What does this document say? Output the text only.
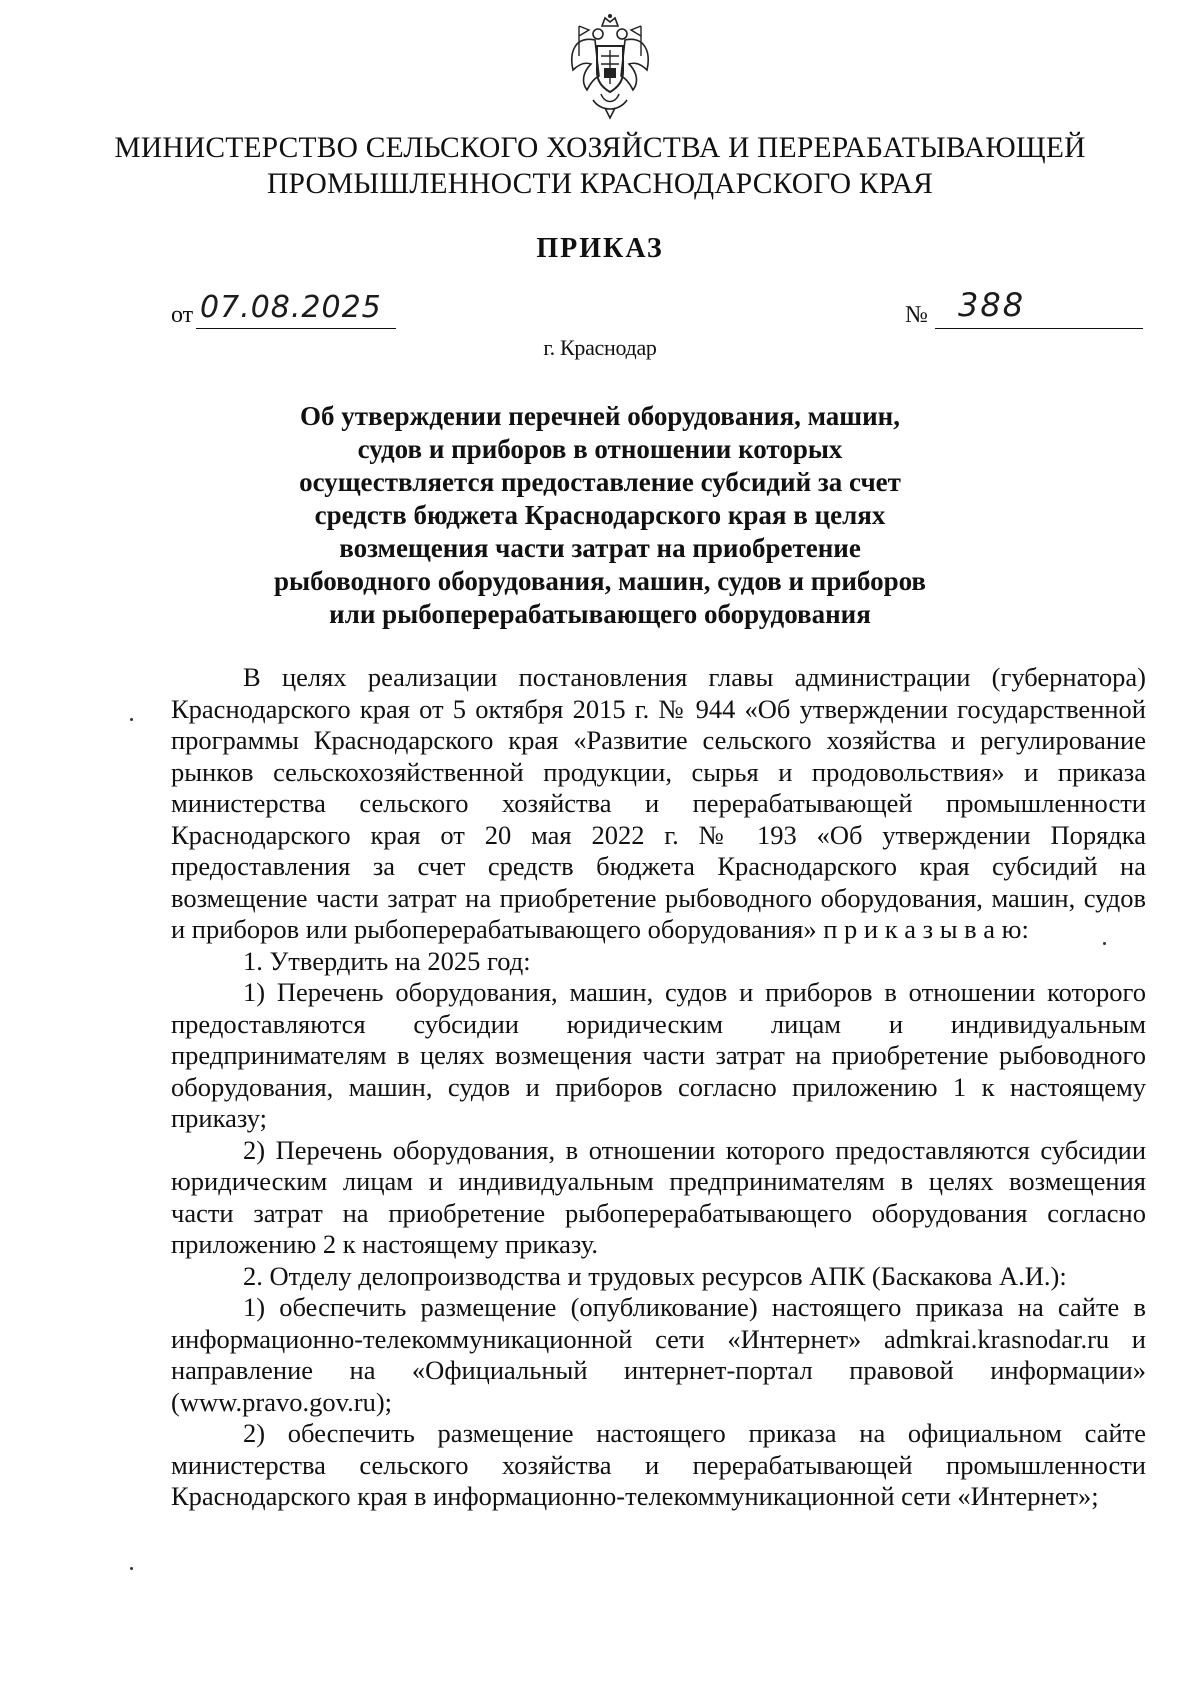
МИНИСТЕРСТВО СЕЛЬСКОГО ХОЗЯЙСТВА И ПЕРЕРАБАТЫВАЮЩЕЙ
ПРОМЫШЛЕННОСТИ КРАСНОДАРСКОГО КРАЯ
ПРИКАЗ
от 07.08.2025	№ 388
г. Краснодар
Об утверждении перечней оборудования, машин,
судов и приборов в отношении которых
осуществляется предоставление субсидий за счет
средств бюджета Краснодарского края в целях
возмещения части затрат на приобретение
рыбоводного оборудования, машин, судов и приборов
или рыбоперерабатывающего оборудования

В целях реализации постановления главы администрации (губернатора) Краснодарского края от 5 октября 2015 г. № 944 «Об утверждении государственной программы Краснодарского края «Развитие сельского хозяйства и регулирование рынков сельскохозяйственной продукции, сырья и продовольствия» и приказа министерства сельского хозяйства и перерабатывающей промышленности Краснодарского края от 20 мая 2022 г. № 193 «Об утверждении Порядка предоставления за счет средств бюджета Краснодарского края субсидий на возмещение части затрат на приобретение рыбоводного оборудования, машин, судов и приборов или рыбоперерабатывающего оборудования» п р и к а з ы в а ю:

1. Утвердить на 2025 год:

1) Перечень оборудования, машин, судов и приборов в отношении которого предоставляются субсидии юридическим лицам и индивидуальным предпринимателям в целях возмещения части затрат на приобретение рыбоводного оборудования, машин, судов и приборов согласно приложению 1 к настоящему приказу;

2) Перечень оборудования, в отношении которого предоставляются субсидии юридическим лицам и индивидуальным предпринимателям в целях возмещения части затрат на приобретение рыбоперерабатывающего оборудования согласно приложению 2 к настоящему приказу.

2. Отделу делопроизводства и трудовых ресурсов АПК (Баскакова А.И.):

1) обеспечить размещение (опубликование) настоящего приказа на сайте в информационно-телекоммуникационной сети «Интернет» admkrai.krasnodar.ru и направление на «Официальный интернет-портал правовой информации» (www.pravo.gov.ru);

2) обеспечить размещение настоящего приказа на официальном сайте министерства сельского хозяйства и перерабатывающей промышленности Краснодарского края в информационно-телекоммуникационной сети «Интернет»;
